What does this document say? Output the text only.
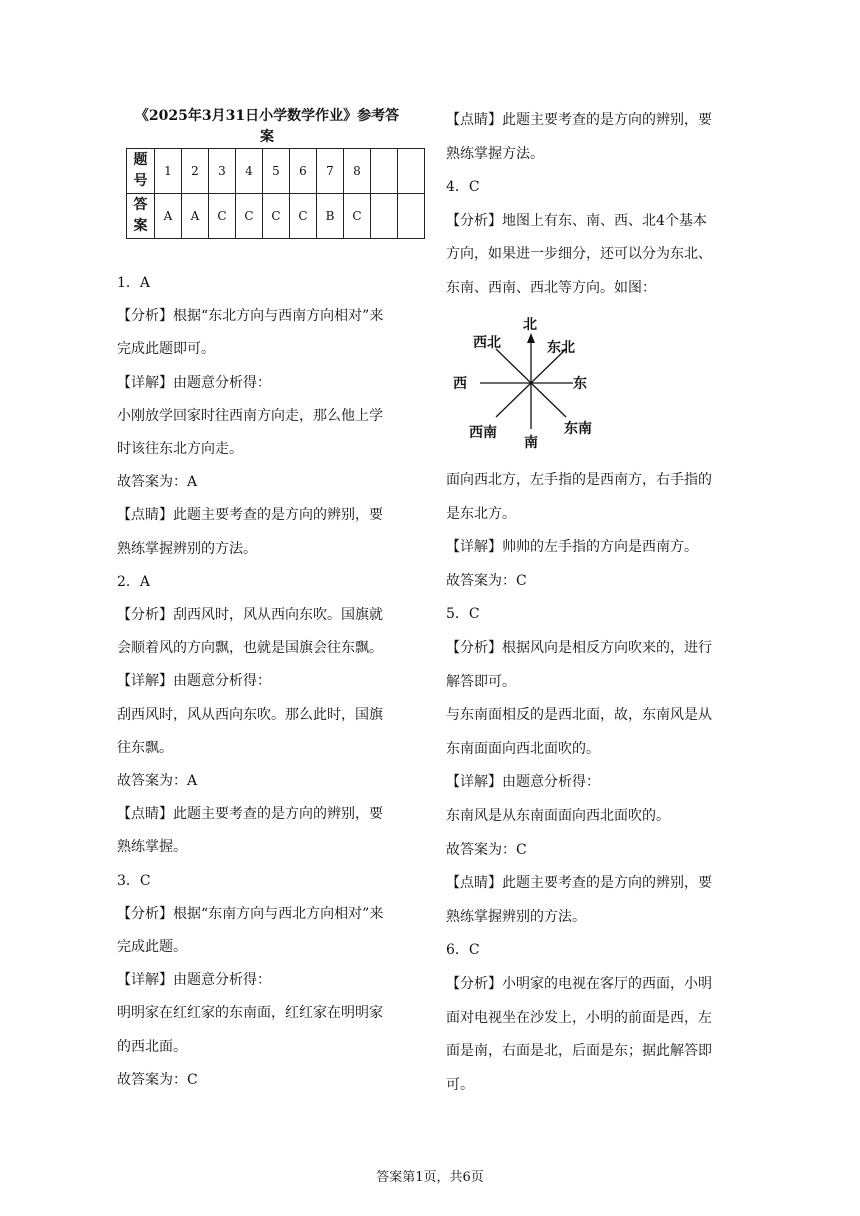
《2025年3月31日小学数学作业》参考答
案
题
号	1	2	3	4	5	6	7	8		

答
案	A	A	C	C	C	C	B	C		
1．A
【分析】根据“东北方向与西南方向相对”来
完成此题即可。
【详解】由题意分析得：
小刚放学回家时往西南方向走，那么他上学
时该往东北方向走。
故答案为：A
【点睛】此题主要考查的是方向的辨别，要
熟练掌握辨别的方法。
2．A
【分析】刮西风时，风从西向东吹。国旗就
会顺着风的方向飘，也就是国旗会往东飘。
【详解】由题意分析得：
刮西风时，风从西向东吹。那么此时，国旗
往东飘。
故答案为：A
【点睛】此题主要考查的是方向的辨别，要
熟练掌握。
3．C
【分析】根据“东南方向与西北方向相对”来
完成此题。
【详解】由题意分析得：
明明家在红红家的东南面，红红家在明明家
的西北面。
故答案为：C
【点睛】此题主要考查的是方向的辨别，要
熟练掌握方法。
4．C
【分析】地图上有东、南、西、北4个基本
方向，如果进一步细分，还可以分为东北、
东南、西南、西北等方向。如图：
北
东北
东
东南
南
西南
西
西北
面向西北方，左手指的是西南方，右手指的
是东北方。
【详解】帅帅的左手指的方向是西南方。
故答案为：C
5．C
【分析】根据风向是相反方向吹来的，进行
解答即可。
与东南面相反的是西北面，故，东南风是从
东南面面向西北面吹的。
【详解】由题意分析得：
东南风是从东南面面向西北面吹的。
故答案为：C
【点睛】此题主要考查的是方向的辨别，要
熟练掌握辨别的方法。
6．C
【分析】小明家的电视在客厅的西面，小明
面对电视坐在沙发上，小明的前面是西，左
面是南，右面是北，后面是东；据此解答即
可。
答案第1页，共6页
